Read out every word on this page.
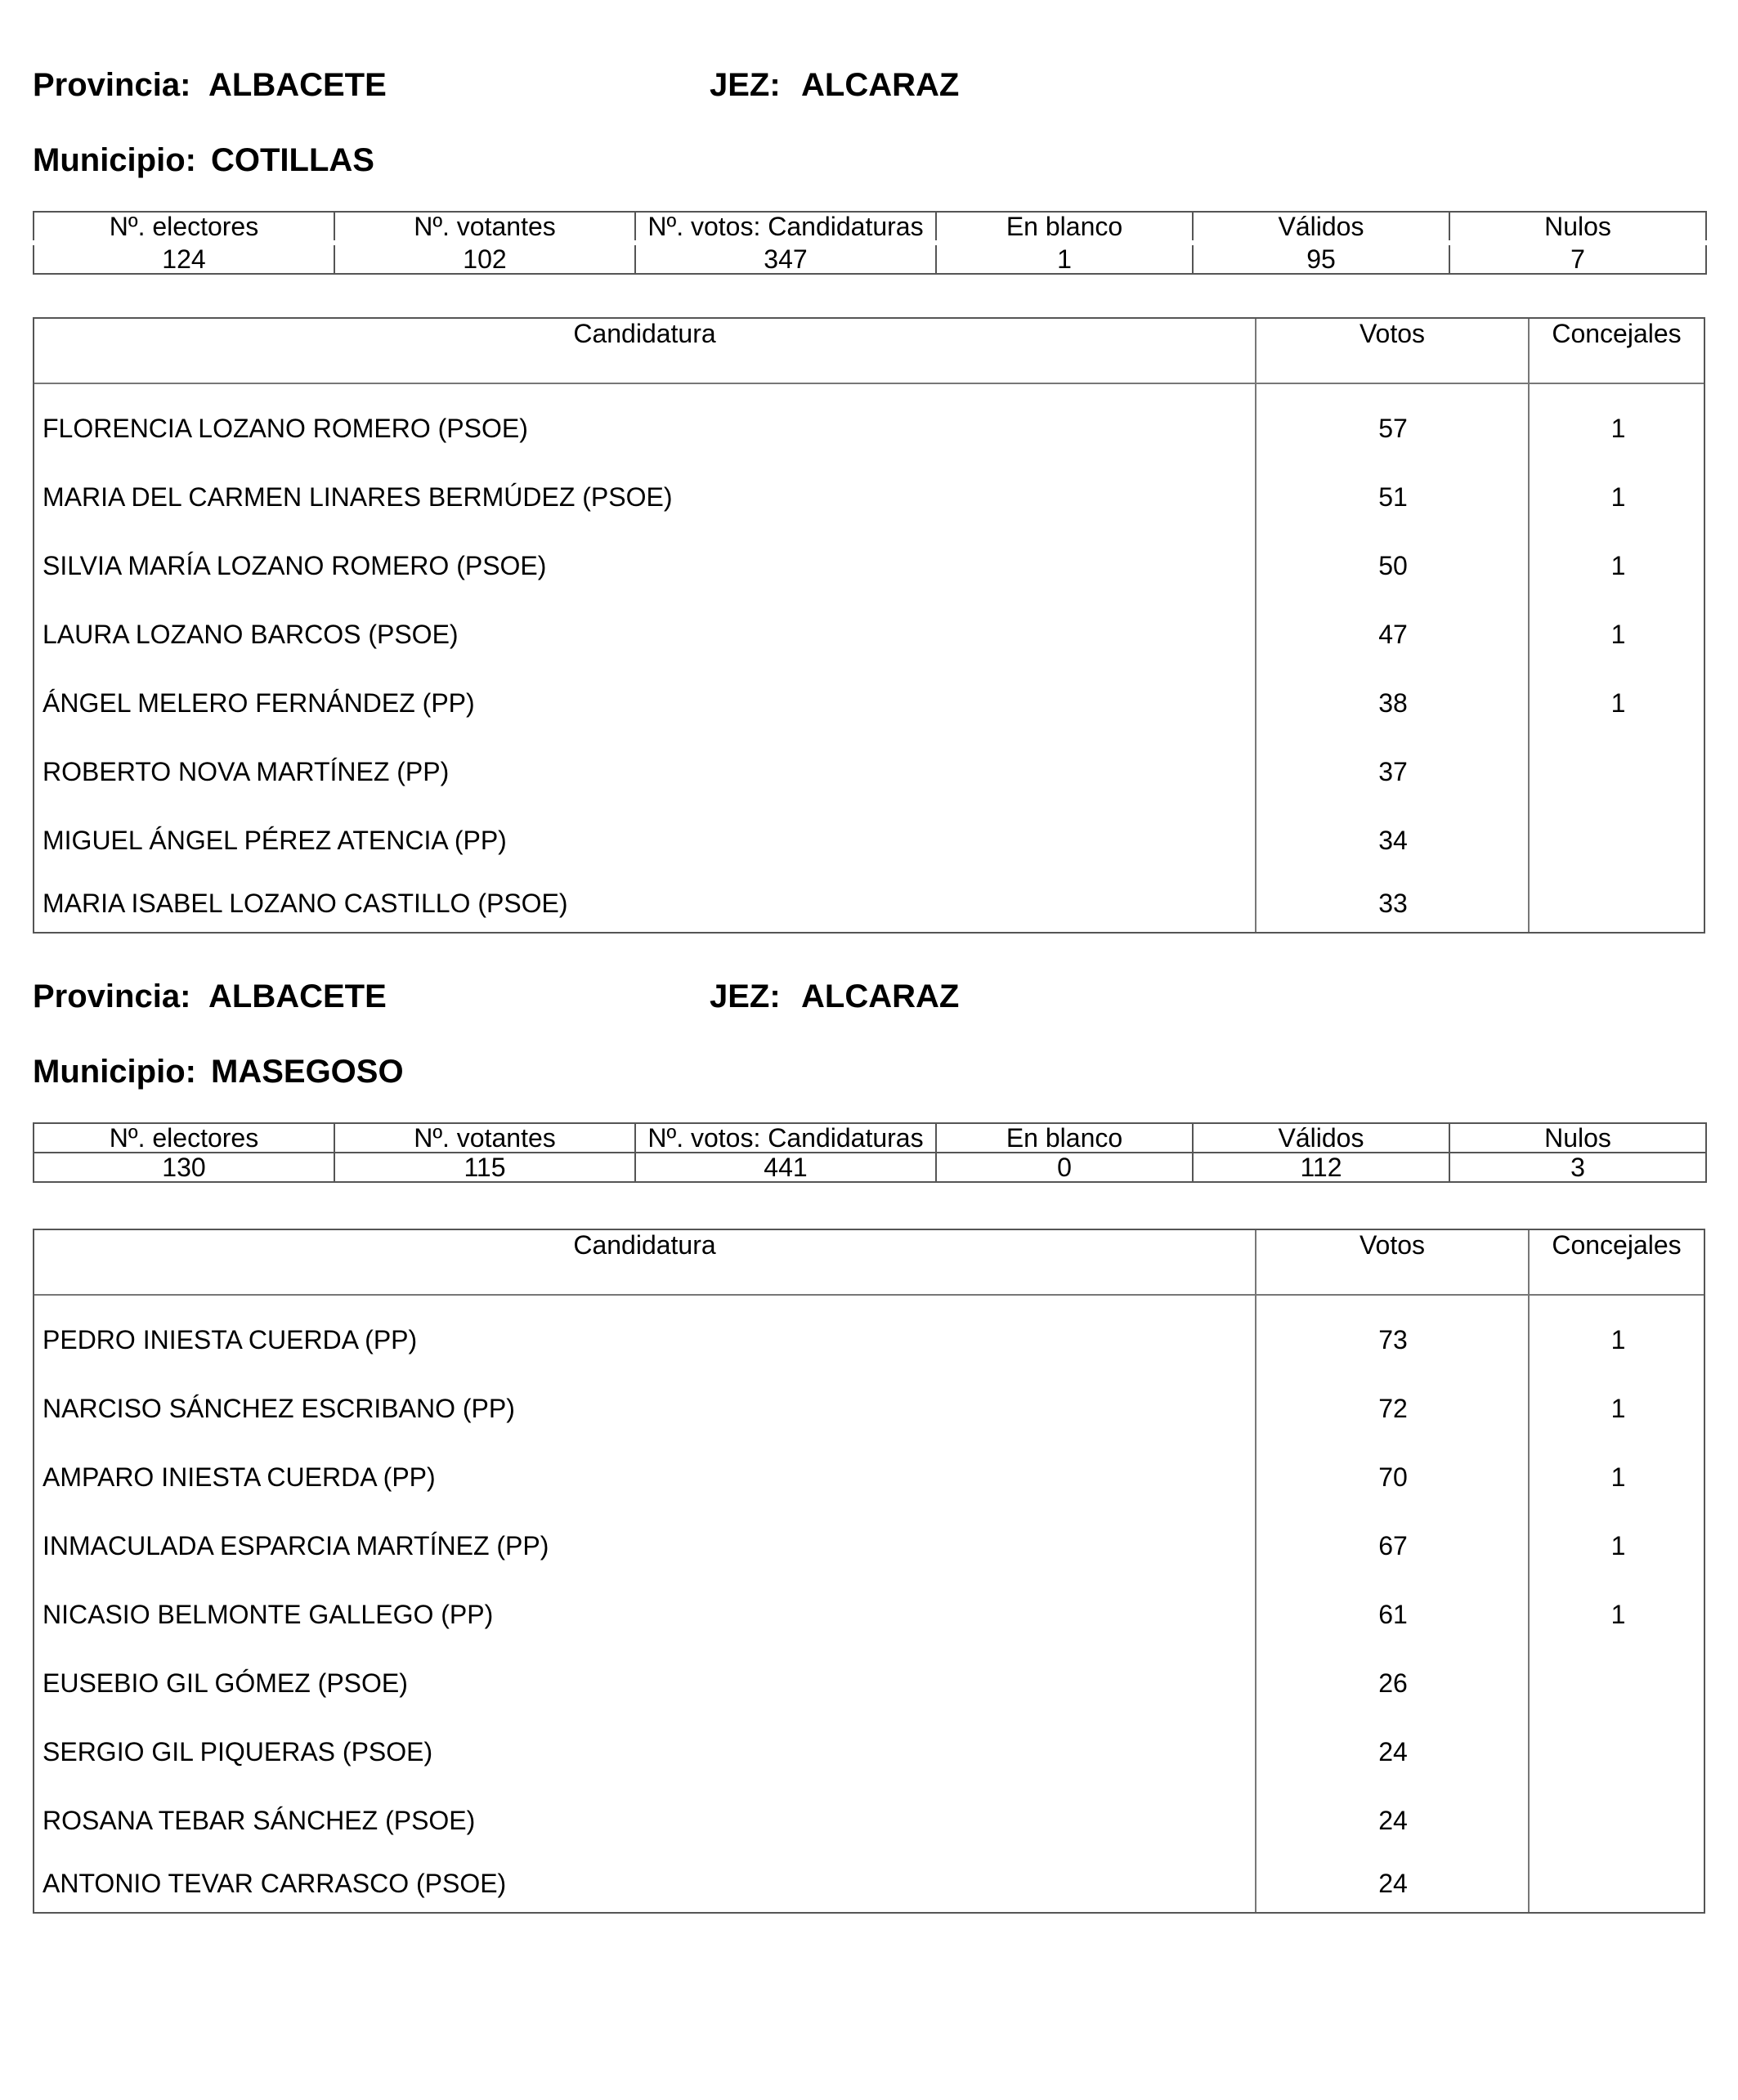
Provincia: ALBACETE	JEZ: ALCARAZ
Municipio: COTILLAS
Nº. electores	Nº. votantes	Nº. votos: Candidaturas	En blanco	Válidos	Nulos
124	102	347	1	95	7
Candidatura	Votos	Concejales
FLORENCIA LOZANO ROMERO (PSOE)	57	1
MARIA DEL CARMEN LINARES BERMÚDEZ (PSOE)	51	1
SILVIA MARÍA LOZANO ROMERO (PSOE)	50	1
LAURA LOZANO BARCOS (PSOE)	47	1
ÁNGEL MELERO FERNÁNDEZ (PP)	38	1
ROBERTO NOVA MARTÍNEZ (PP)	37
MIGUEL ÁNGEL PÉREZ ATENCIA (PP)	34
MARIA ISABEL LOZANO CASTILLO (PSOE)	33
Provincia: ALBACETE	JEZ: ALCARAZ
Municipio: MASEGOSO
Nº. electores	Nº. votantes	Nº. votos: Candidaturas	En blanco	Válidos	Nulos
130	115	441	0	112	3
Candidatura	Votos	Concejales
PEDRO INIESTA CUERDA (PP)	73	1
NARCISO SÁNCHEZ ESCRIBANO (PP)	72	1
AMPARO INIESTA CUERDA (PP)	70	1
INMACULADA ESPARCIA MARTÍNEZ (PP)	67	1
NICASIO BELMONTE GALLEGO (PP)	61	1
EUSEBIO GIL GÓMEZ (PSOE)	26
SERGIO GIL PIQUERAS (PSOE)	24
ROSANA TEBAR SÁNCHEZ (PSOE)	24
ANTONIO TEVAR CARRASCO (PSOE)	24
